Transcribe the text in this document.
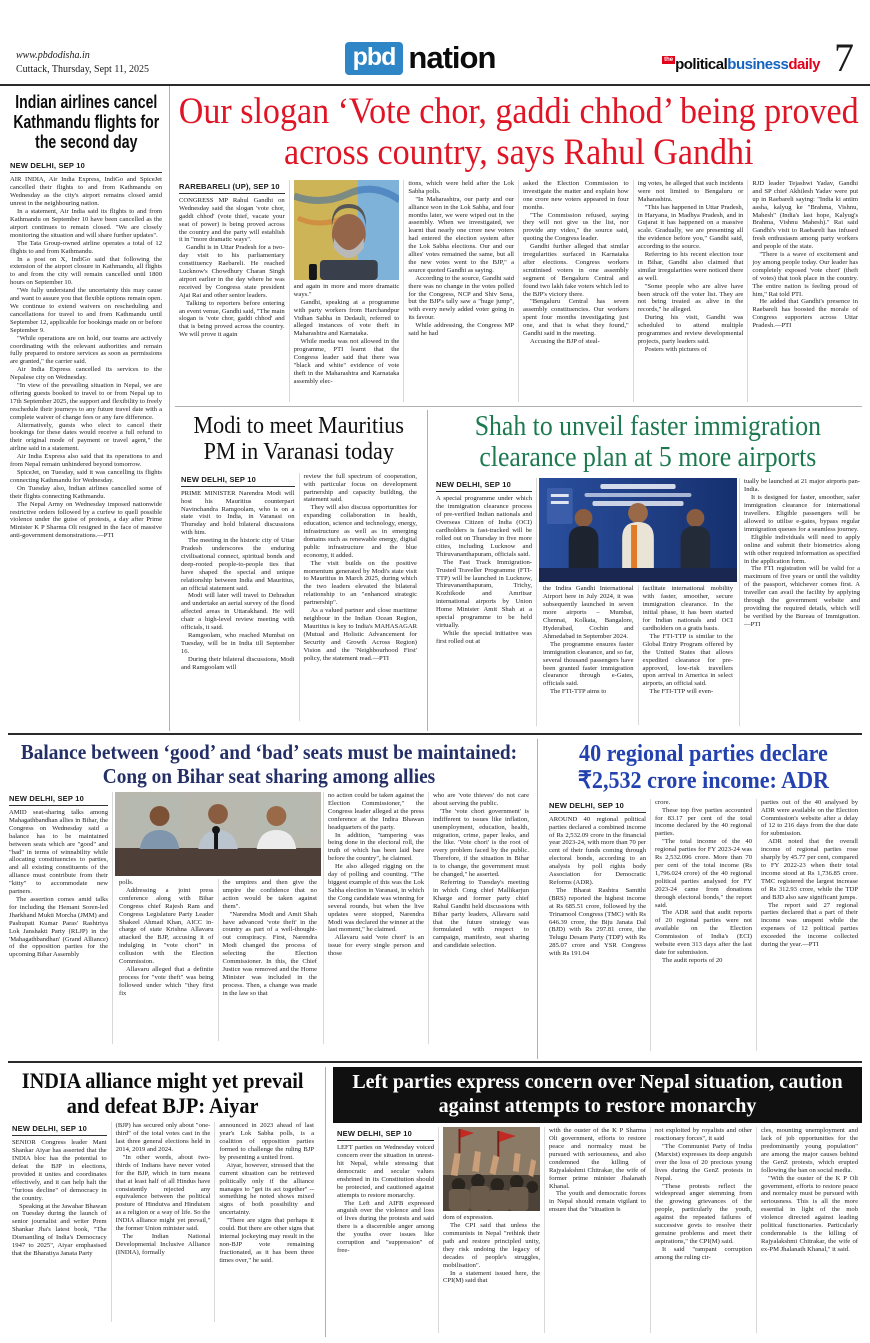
www.pbdodisha.in
Cuttack, Thursday, Sept 11, 2025	pbd nation	$^{the}$ politicalbusinessdaily 7
Indian airlines cancel Kathmandu flights for the second day
NEW DELHI, SEP 10

AIR INDIA, Air India Express, IndiGo and SpiceJet cancelled their flights to and from Kathmandu on Wednesday as the city's airport remains closed amid unrest in the neighbouring nation.

In a statement, Air India said its flights to and from Kathmandu on September 10 have been cancelled as the airport continues to remain closed. "We are closely monitoring the situation and will share further updates".

The Tata Group-owned airline operates a total of 12 flights to and from Kathmandu.

In a post on X, IndiGo said that following the extension of the airport closure in Kathmandu, all flights to and from the city will remain cancelled until 1800 hours on September 10.

"We fully understand the uncertainty this may cause and want to assure you that flexible options remain open. We continue to extend waivers on rescheduling and cancellations for travel to and from Kathmandu until September 12, applicable for bookings made on or before September 9.

"While operations are on hold, our teams are actively coordinating with the relevant authorities and remain fully prepared to restore services as soon as permissions are granted," the carrier said.

Air India Express cancelled its services to the Nepalese city on Wednesday.

"In view of the prevailing situation in Nepal, we are offering guests booked to travel to or from Nepal up to 17th September 2025, the support and flexibility to freely reschedule their journeys to any future travel date with a complete waiver of change fees or any fare difference.

Alternatively, guests who elect to cancel their bookings for these dates would receive a full refund to their original mode of payment or travel agent," the airline said in a statement.

Air India Express also said that its operations to and from Nepal remain unhindered beyond tomorrow.

SpiceJet, on Tuesday, said it was cancelling its flights connecting Kathmandu for Wednesday.

On Tuesday also, Indian airlines cancelled some of their flights connecting Kathmandu.

The Nepal Army on Wednesday imposed nationwide restrictive orders followed by a curfew to quell possible violence under the guise of protests, a day after Prime Minister K P Sharma Oli resigned in the face of massive anti-government demonstrations.—PTI

Our slogan ‘Vote chor, gaddi chhod’ being proved across country, says Rahul Gandhi
RAREBARELI (UP), SEP 10

CONGRESS MP Rahul Gandhi on Wednesday said the slogan 'vote chor, gaddi chhod' (vote thief, vacate your seat of power) is being proved across the country and the party will establish it in "more dramatic ways".

Gandhi is in Uttar Pradesh for a two-day visit to his parliamentary constituency Raebareli. He reached Lucknow's Chowdhury Charan Singh airport earlier in the day where he was received by Congress state president Ajai Rai and other senior leaders.

Talking to reporters before entering an event venue, Gandhi said, "The main slogan is 'vote chor, gaddi chhod' and that is being proved across the country. We will prove it again

and again in more and more dramatic ways."

Gandhi, speaking at a programme with party workers from Harchandpur Vidhan Sabha in Dedauli, referred to alleged instances of vote theft in Maharashtra and Karnataka.

While media was not allowed in the programme, PTI learnt that the Congress leader said that there was "black and white" evidence of vote theft in the Maharashtra and Karnataka assembly elec-

tions, which were held after the Lok Sabha polls.

"In Maharashtra, our party and our alliance won in the Lok Sabha, and four months later, we were wiped out in the assembly. When we investigated, we learnt that nearly one crore new voters had entered the election system after the Lok Sabha elections. Our and our allies' votes remained the same, but all the new votes went to the BJP," a source quoted Gandhi as saying.

According to the source, Gandhi said there was no change in the votes polled for the Congress, NCP and Shiv Sena, but the BJP's tally saw a "huge jump", with every newly added voter going in its favour.

While addressing, the Congress MP said he had

asked the Election Commission to investigate the matter and explain how one crore new voters appeared in four months.

"The Commission refused, saying they will not give us the list, nor provide any video," the source said, quoting the Congress leader.

Gandhi further alleged that similar irregularities surfaced in Karnataka after elections. Congress workers scrutinised voters in one assembly segment of Bengaluru Central and found two lakh fake voters which led to the BJP's victory there.

"Bengaluru Central has seven assembly constituencies. Our workers spent four months investigating just one, and that is what they found," Gandhi said in the meeting.

Accusing the BJP of steal-

ing votes, he alleged that such incidents were not limited to Bengaluru or Maharashtra.

"This has happened in Uttar Pradesh, in Haryana, in Madhya Pradesh, and in Gujarat it has happened on a massive scale. Gradually, we are presenting all the evidence before you," Gandhi said, according to the source.

Referring to his recent election tour in Bihar, Gandhi also claimed that similar irregularities were noticed there as well.

"Some people who are alive have been struck off the voter list. They are not being treated as alive in the records," he alleged.

During his visit, Gandhi was scheduled to attend multiple programmes and review developmental projects, party leaders said.

Posters with pictures of

RJD leader Tejashwi Yadav, Gandhi and SP chief Akhilesh Yadav were put up in Raebareli saying: "India ki antim aasha, kalyug ke "Brahma, Vishnu, Mahesh" (India's last hope, Kalyug's Brahma, Vishnu Mahesh)." Rai said Gandhi's visit to Raebareli has infused fresh enthusiasm among party workers and people of the state.

"There is a wave of excitement and joy among people today. Our leader has completely exposed 'vote chori' (theft of votes) that took place in the country. The entire nation is feeling proud of him," Rai told PTI.

He added that Gandhi's presence in Raebareli has boosted the morale of Congress supporters across Uttar Pradesh.—PTI

Modi to meet Mauritius PM in Varanasi today
NEW DELHI, SEP 10

PRIME MINISTER Narendra Modi will host his Mauritius counterpart Navinchandra Ramgoolam, who is on a state visit to India, in Varanasi on Thursday and hold bilateral discussions with him.

The meeting in the historic city of Uttar Pradesh underscores the enduring civilisational connect, spiritual bonds and deep-rooted people-to-people ties that have shaped the special and unique relationship between India and Mauritius, an official statement said.

Modi will later will travel to Dehradun and undertake an aerial survey of the flood affected areas in Uttarakhand. He will chair a high-level review meeting with officials, it said.

Ramgoolam, who reached Mumbai on Tuesday, will be in India till September 16.

During their bilateral discussions, Modi and Ramgoolam will

review the full spectrum of cooperation, with particular focus on development partnership and capacity building, the statement said.

They will also discuss opportunities for expanding collaboration in health, education, science and technology, energy, infrastructure as well as in emerging domains such as renewable energy, digital public infrastructure and the blue economy, it added.

The visit builds on the positive momentum generated by Modi's state visit to Mauritius in March 2025, during which the two leaders elevated the bilateral relationship to an "enhanced strategic partnership".

As a valued partner and close maritime neighbour in the Indian Ocean Region, Mauritius is key to India's MAHASAGAR (Mutual and Holistic Advancement for Security and Growth Across Region) Vision and the 'Neighbourhood First' policy, the statement read.—PTI

Shah to unveil faster immigration clearance plan at 5 more airports
NEW DELHI, SEP 10

A special programme under which the immigration clearance process of pre-verified Indian nationals and Overseas Citizen of India (OCI) cardholders is fast-tracked will be rolled out on Thursday in five more cities, including Lucknow and Thiruvananthapuram, officials said.

The Fast Track Immigration-Trusted Traveller Programme (FTI-TTP) will be launched in Lucknow, Thiruvananthapuram, Trichy, Kozhikode and Amritsar international airports by Union Home Minister Amit Shah at a special programme to be held virtually.

While the special initiative was first rolled out at

the Indira Gandhi International Airport here in July 2024, it was subsequently launched in seven more airports – Mumbai, Chennai, Kolkata, Bangalore, Hyderabad, Cochin and Ahmedabad in September 2024.

The programme ensures faster immigration clearance, and so far, several thousand passengers have been granted faster immigration clearance through e-Gates, officials said.

The FTI-TTP aims to

facilitate international mobility with faster, smoother, secure immigration clearance. In the initial phase, it has been started for Indian nationals and OCI cardholders on a gratis basis.

The FTI-TTP is similar to the Global Entry Program offered by the United States that allows expedited clearance for pre-approved, low-risk travellers upon arrival in America in select airports, an official said.

The FTI-TTP will even-

tually be launched at 21 major airports pan-India.

It is designed for faster, smoother, safer immigration clearance for international travellers. Eligible passengers will be allowed to utilise e-gates, bypass regular immigration queues for a seamless journey.

Eligible individuals will need to apply online and submit their biometrics along with other required information as specified in the application form.

The FTI registration will be valid for a maximum of five years or until the validity of the passport, whichever comes first. A traveller can avail the facility by applying through the government website and providing the required details, which will be verified by the Bureau of Immigration.—PTI

Balance between ‘good’ and ‘bad’ seats must be maintained: Cong on Bihar seat sharing among allies
NEW DELHI, SEP 10

AMID seat-sharing talks among Mahagathbandhan allies in Bihar, the Congress on Wednesday said a balance has to be maintained between seats which are "good" and "bad" in terms of winnability while allocating constituencies to parties, and all existing constituents of the alliance must contribute from their "kitty" to accommodate new partners.

The assertion comes amid talks for including the Hemant Soren-led Jharkhand Mukti Morcha (JMM) and Pashupati Kumar Paras' Rashtriya Lok Janshakti Party (RLJP) in the 'Mahagathbandhan' (Grand Alliance) of the opposition parties for the upcoming Bihar Assembly

polls.

Addressing a joint press conference along with Bihar Congress chief Rajesh Ram and Congress Legislature Party Leader Shakeel Ahmad Khan, AICC in-charge of state Krishna Allavaru attacked the BJP, accusing it of indulging in "vote chori" in collusion with the Election Commission.

Allavaru alleged that a definite process for "vote theft" was being followed under which "they first fix

the umpires and then give the umpire the confidence that no action would be taken against them".

"Narendra Modi and Amit Shah have advanced 'vote theft' in the country as part of a well-thought-out conspiracy. First, Narendra Modi changed the process of selecting the Election Commissioner. In this, the Chief Justice was removed and the Home Minister was included in the process. Then, a change was made in the law so that

no action could be taken against the Election Commissioner," the Congress leader alleged at the press conference at the Indira Bhawan headquarters of the party.

In addition, "tampering was being done in the electoral roll, the truth of which has been laid bare before the country", he claimed.

He also alleged rigging on the day of polling and counting. "The biggest example of this was the Lok Sabha election in Varanasi, in which the Cong candidate was winning for several rounds, but when the live updates were stopped, Narendra Modi was declared the winner at the last moment," he claimed.

Allavaru said 'vote chori' is an issue for every single person and those

who are 'vote thieves' do not care about serving the public.

'The 'vote chori government' is indifferent to issues like inflation, unemployment, education, health, migration, crime, paper leaks, and the like. 'Vote chori' is the root of every problem faced by the public. Therefore, if the situation in Bihar is to change, the government must be changed," he asserted.

Referring to Tuesday's meeting in which Cong chief Mallikarjun Kharge and former party chief Rahul Gandhi held discussions with Bihar party leaders, Allavaru said that the future strategy was formulated with respect to campaign, manifesto, seat sharing and candidate selection.

40 regional parties declare
₹2,532 crore income: ADR
NEW DELHI, SEP 10

AROUND 40 regional political parties declared a combined income of Rs 2,532.09 crore in the financial year 2023-24, with more than 70 per cent of their funds coming through electoral bonds, according to an analysis by poll rights body Association for Democratic Reforms (ADR).

The Bharat Rashtra Samithi (BRS) reported the highest income at Rs 685.51 crore, followed by the Trinamool Congress (TMC) with Rs 646.39 crore, the Biju Janata Dal (BJD) with Rs 297.81 crore, the Telugu Desam Party (TDP) with Rs 285.07 crore and YSR Congress with Rs 191.04

crore.

These top five parties accounted for 83.17 per cent of the total income declared by the 40 regional parties.

"The total income of the 40 regional parties for FY 2023-24 was Rs 2,532.096 crore. More than 70 per cent of the total income (Rs 1,796.024 crore) of the 40 regional political parties analysed for FY 2023-24 came from donations through electoral bonds," the report said.

The ADR said that audit reports of 20 regional parties were not available on the Election Commission of India's (ECI) website even 313 days after the last date for submission.

The audit reports of 20

parties out of the 40 analysed by ADR were available on the Election Commission's website after a delay of 12 to 216 days from the due date for submission.

ADR noted that the overall income of regional parties rose sharply by 45.77 per cent, compared to FY 2022-23 when their total income stood at Rs 1,736.85 crore. TMC registered the largest increase of Rs 312.93 crore, while the TDP and BJD also saw significant jumps.

The report said 27 regional parties declared that a part of their income was unspent while the expenses of 12 political parties exceeded the income collected during the year.—PTI

INDIA alliance might yet prevail and defeat BJP: Aiyar
NEW DELHI, SEP 10

SENIOR Congress leader Mani Shankar Aiyar has asserted that the INDIA bloc has the potential to defeat the BJP in elections, provided it unites and coordinates effectively, and it can help halt the "furious decline" of democracy in the country.

Speaking at the Jawahar Bhawan on Tuesday during the launch of senior journalist and writer Prem Shankar Jha's latest book, "The Dismantling of India's Democracy 1947 to 2025", Aiyar emphasised that the Bharatiya Janata Party

(BJP) has secured only about "one-third" of the total votes cast in the last three general elections held in 2014, 2019 and 2024.

"In other words, about two-thirds of Indians have never voted for the BJP, which in turn means that at least half of all Hindus have consistently rejected any equivalence between the political posture of Hindutva and Hinduism as a religion or a way of life. So the INDIA alliance might yet prevail," the former Union minister said.

The Indian National Developmental Inclusive Alliance (INDIA), formally

announced in 2023 ahead of last year's Lok Sabha polls, is a coalition of opposition parties formed to challenge the ruling BJP by presenting a united front.

Aiyar, however, stressed that the current situation can be retrieved politically only if the alliance manages to "get its act together" -- something he noted shows mixed signs of both possibility and uncertainty.

"There are signs that perhaps it could. But there are other signs that internal jockeying may result in the non-BJP vote remaining fractionated, as it has been three times over," he said.

Left parties express concern over Nepal situation, caution against attempts to restore monarchy
NEW DELHI, SEP 10

LEFT parties on Wednesday voiced concern over the situation in unrest-hit Nepal, while stressing that democratic and secular values enshrined in its Constitution should be protected, and cautioned against attempts to restore monarchy.

The Left and AIFB expressed anguish over the violence and loss of lives during the protests and said there is a discernible anger among the youths over issues like corruption and "suppression" of free-

dom of expression.

The CPI said that unless the communists in Nepal "rethink their path and restore principled unity, they risk undoing the legacy of decades of people's struggles, mobilisation".

In a statement issued here, the CPI(M) said that

with the ouster of the K P Sharma Oli government, efforts to restore peace and normalcy must be pursued with seriousness, and also condemned the killing of Rajyalakshmi Chitrakar, the wife of former prime minister Jhalanath Khanal.

The youth and democratic forces in Nepal should remain vigilant to ensure that the "situation is

not exploited by royalists and other reactionary forces", it said

"The Communist Party of India (Marxist) expresses its deep anguish over the loss of 20 precious young lives during the GenZ protests in Nepal.

"These protests reflect the widespread anger stemming from the growing grievances of the people, particularly the youth, against the repeated failures of successive govts to resolve their genuine problems and meet their aspirations," the CPI(M) said.

It said "rampant corruption among the ruling cir-

cles, mounting unemployment and lack of job opportunities for the predominantly young population" are among the major causes behind the GenZ protests, which erupted following the ban on social media.

"With the ouster of the K P Oli government, efforts to restore peace and normalcy must be pursued with seriousness. This is all the more essential in light of the mob violence directed against leading political functionaries. Particularly condemnable is the killing of Rajyalakshmi Chitrakar, the wife of ex-PM Jhalanath Khanal," it said.
